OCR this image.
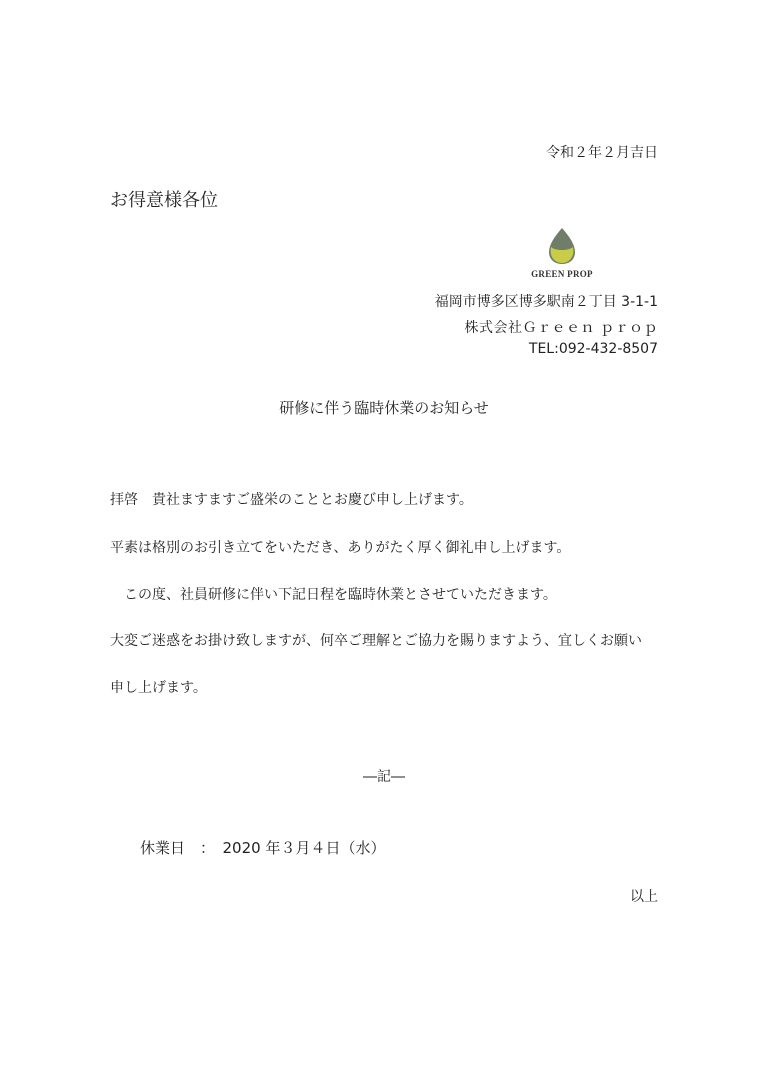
令和２年２月吉日
お得意様各位
GREEN PROP
福岡市博多区博多駅南２丁目 3-1-1
株式会社Ｇｒｅｅｎ ｐｒｏｐ
TEL:092-432-8507
研修に伴う臨時休業のお知らせ
拝啓　貴社ますますご盛栄のこととお慶び申し上げます。
平素は格別のお引き立てをいただき、ありがたく厚く御礼申し上げます。
この度、社員研修に伴い下記日程を臨時休業とさせていただきます。
大変ご迷惑をお掛け致しますが、何卒ご理解とご協力を賜りますよう、宜しくお願い
申し上げます。
―記―
休業日　：　2020 年３月４日（水）
以上
